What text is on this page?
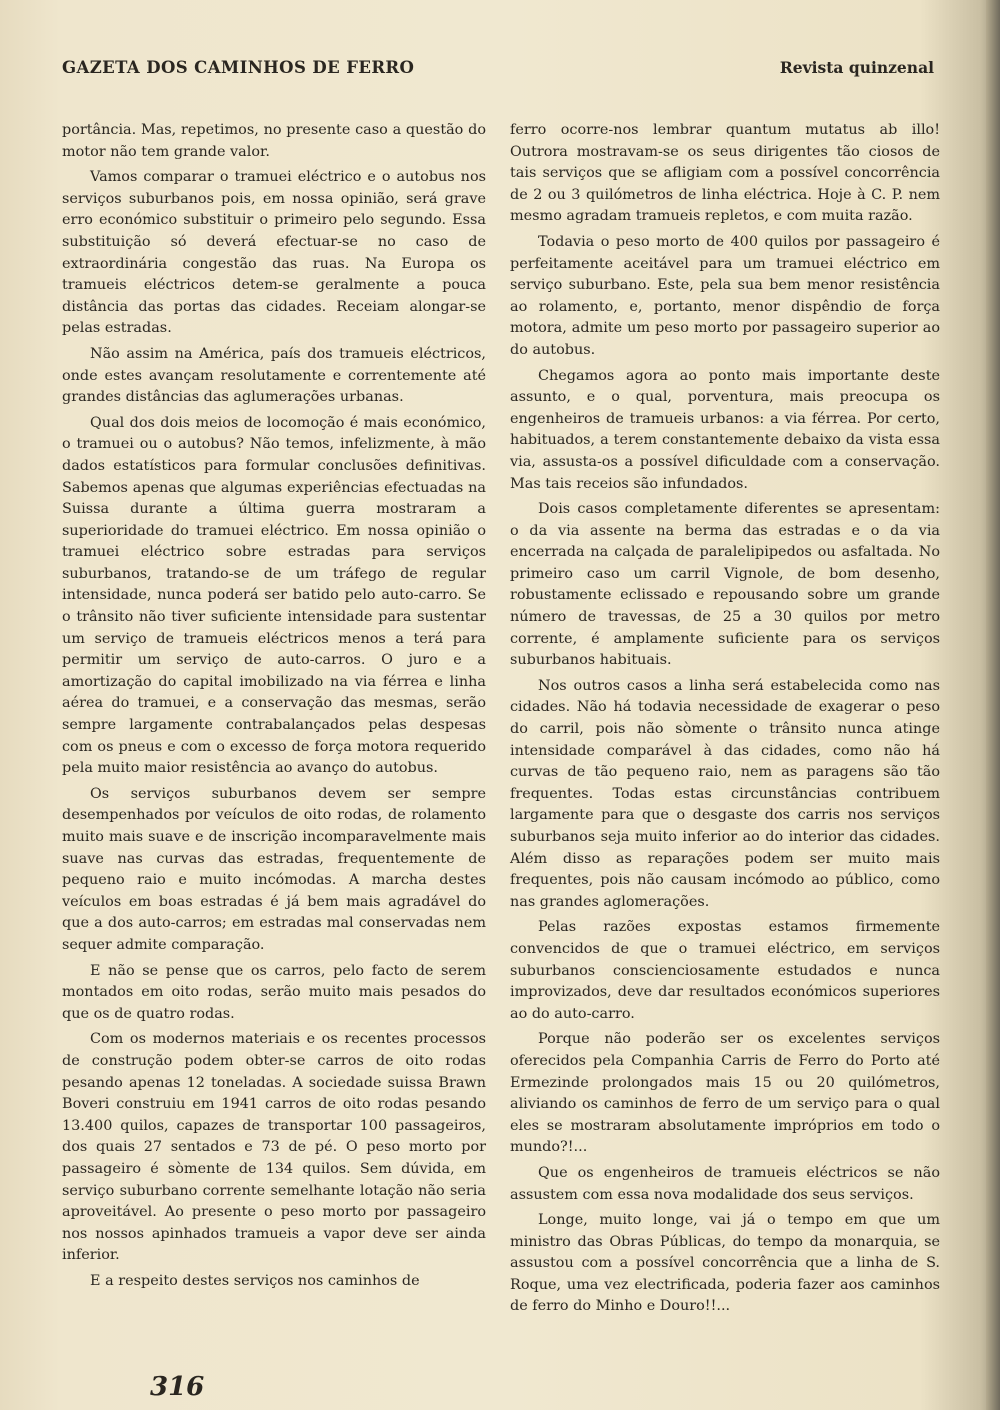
GAZETA DOS CAMINHOS DE FERRO	Revista quinzenal

portância. Mas, repetimos, no presente caso a questão do motor não tem grande valor.

Vamos comparar o tramuei eléctrico e o autobus nos serviços suburbanos pois, em nossa opinião, será grave erro económico substituir o primeiro pelo segundo. Essa substituição só deverá efectuar-se no caso de extraordinária congestão das ruas. Na Europa os tramueis eléctricos detem-se geralmente a pouca distância das portas das cidades. Receiam alongar-se pelas estradas.

Não assim na América, país dos tramueis eléctricos, onde estes avançam resolutamente e correntemente até grandes distâncias das aglumerações urbanas.

Qual dos dois meios de locomoção é mais económico, o tramuei ou o autobus? Não temos, infelizmente, à mão dados estatísticos para formular conclusões definitivas. Sabemos apenas que algumas experiências efectuadas na Suissa durante a última guerra mostraram a superioridade do tramuei eléctrico. Em nossa opinião o tramuei eléctrico sobre estradas para serviços suburbanos, tratando-se de um tráfego de regular intensidade, nunca poderá ser batido pelo auto-carro. Se o trânsito não tiver suficiente intensidade para sustentar um serviço de tramueis eléctricos menos a terá para permitir um serviço de auto-carros. O juro e a amortização do capital imobilizado na via férrea e linha aérea do tramuei, e a conservação das mesmas, serão sempre largamente contrabalançados pelas despesas com os pneus e com o excesso de força motora requerido pela muito maior resistência ao avanço do autobus.

Os serviços suburbanos devem ser sempre desempenhados por veículos de oito rodas, de rolamento muito mais suave e de inscrição incomparavelmente mais suave nas curvas das estradas, frequentemente de pequeno raio e muito incómodas. A marcha destes veículos em boas estradas é já bem mais agradável do que a dos auto-carros; em estradas mal conservadas nem sequer admite comparação.

E não se pense que os carros, pelo facto de serem montados em oito rodas, serão muito mais pesados do que os de quatro rodas.

Com os modernos materiais e os recentes processos de construção podem obter-se carros de oito rodas pesando apenas 12 toneladas. A sociedade suissa Brawn Boveri construiu em 1941 carros de oito rodas pesando 13.400 quilos, capazes de transportar 100 passageiros, dos quais 27 sentados e 73 de pé. O peso morto por passageiro é sòmente de 134 quilos. Sem dúvida, em serviço suburbano corrente semelhante lotação não seria aproveitável. Ao presente o peso morto por passageiro nos nossos apinhados tramueis a vapor deve ser ainda inferior.

E a respeito destes serviços nos caminhos de

ferro ocorre-nos lembrar quantum mutatus ab illo! Outrora mostravam-se os seus dirigentes tão ciosos de tais serviços que se afligiam com a possível concorrência de 2 ou 3 quilómetros de linha eléctrica. Hoje à C. P. nem mesmo agradam tramueis repletos, e com muita razão.

Todavia o peso morto de 400 quilos por passageiro é perfeitamente aceitável para um tramuei eléctrico em serviço suburbano. Este, pela sua bem menor resistência ao rolamento, e, portanto, menor dispêndio de força motora, admite um peso morto por passageiro superior ao do autobus.

Chegamos agora ao ponto mais importante deste assunto, e o qual, porventura, mais preocupa os engenheiros de tramueis urbanos: a via férrea. Por certo, habituados, a terem constantemente debaixo da vista essa via, assusta-os a possível dificuldade com a conservação. Mas tais receios são infundados.

Dois casos completamente diferentes se apresentam: o da via assente na berma das estradas e o da via encerrada na calçada de paralelipipedos ou asfaltada. No primeiro caso um carril Vignole, de bom desenho, robustamente eclissado e repousando sobre um grande número de travessas, de 25 a 30 quilos por metro corrente, é amplamente suficiente para os serviços suburbanos habituais.

Nos outros casos a linha será estabelecida como nas cidades. Não há todavia necessidade de exagerar o peso do carril, pois não sòmente o trânsito nunca atinge intensidade comparável à das cidades, como não há curvas de tão pequeno raio, nem as paragens são tão frequentes. Todas estas circunstâncias contribuem largamente para que o desgaste dos carris nos serviços suburbanos seja muito inferior ao do interior das cidades. Além disso as reparações podem ser muito mais frequentes, pois não causam incómodo ao público, como nas grandes aglomerações.

Pelas razões expostas estamos firmemente convencidos de que o tramuei eléctrico, em serviços suburbanos conscienciosamente estudados e nunca improvizados, deve dar resultados económicos superiores ao do auto-carro.

Porque não poderão ser os excelentes serviços oferecidos pela Companhia Carris de Ferro do Porto até Ermezinde prolongados mais 15 ou 20 quilómetros, aliviando os caminhos de ferro de um serviço para o qual eles se mostraram absolutamente impróprios em todo o mundo?!...

Que os engenheiros de tramueis eléctricos se não assustem com essa nova modalidade dos seus serviços.

Longe, muito longe, vai já o tempo em que um ministro das Obras Públicas, do tempo da monarquia, se assustou com a possível concorrência que a linha de S. Roque, uma vez electrificada, poderia fazer aos caminhos de ferro do Minho e Douro!!...

316
